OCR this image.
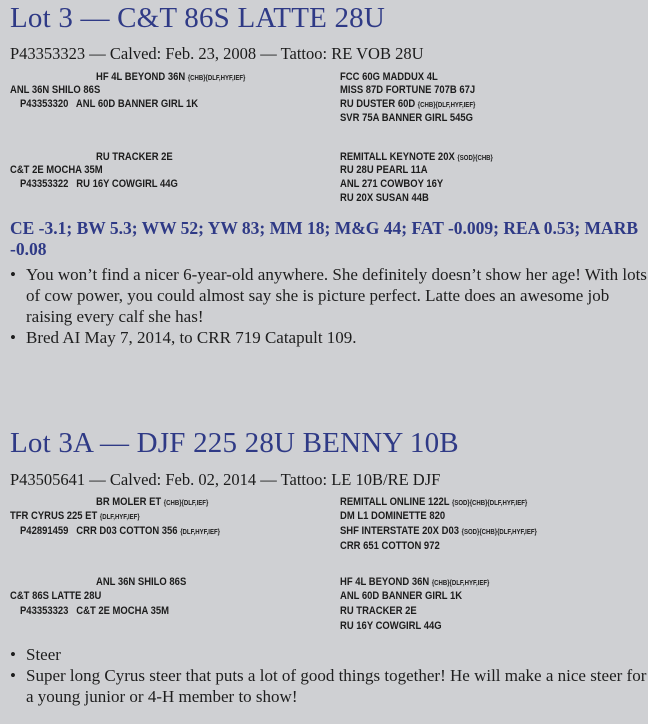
Lot 3 — C&T 86S LATTE 28U
P43353323 — Calved: Feb. 23, 2008 — Tattoo: RE VOB 28U
HF 4L BEYOND 36N {CHB}{DLF,HYF,IEF}
ANL 36N SHILO 86S
P43353320   ANL 60D BANNER GIRL 1K
FCC 60G MADDUX 4L
MISS 87D FORTUNE 707B 67J
RU DUSTER 60D {CHB}{DLF,HYF,IEF}
SVR 75A BANNER GIRL 545G
RU TRACKER 2E
C&T 2E MOCHA 35M
P43353322   RU 16Y COWGIRL 44G
REMITALL KEYNOTE 20X {SOD}{CHB}
RU 28U PEARL 11A
ANL 271 COWBOY 16Y
RU 20X SUSAN 44B
CE -3.1; BW 5.3; WW 52; YW 83; MM 18; M&G 44; FAT -0.009; REA 0.53; MARB -0.08
• You won’t find a nicer 6-year-old anywhere. She definitely doesn’t show her age! With lots of cow power, you could almost say she is picture perfect. Latte does an awesome job raising every calf she has!
• Bred AI May 7, 2014, to CRR 719 Catapult 109.
Lot 3A — DJF 225 28U BENNY 10B
P43505641 — Calved: Feb. 02, 2014 — Tattoo: LE 10B/RE DJF
BR MOLER ET {CHB}{DLF,IEF}
TFR CYRUS 225 ET {DLF,HYF,IEF}
P42891459   CRR D03 COTTON 356 {DLF,HYF,IEF}
REMITALL ONLINE 122L {SOD}{CHB}{DLF,HYF,IEF}
DM L1 DOMINETTE 820
SHF INTERSTATE 20X D03 {SOD}{CHB}{DLF,HYF,IEF}
CRR 651 COTTON 972
ANL 36N SHILO 86S
C&T 86S LATTE 28U
P43353323   C&T 2E MOCHA 35M
HF 4L BEYOND 36N {CHB}{DLF,HYF,IEF}
ANL 60D BANNER GIRL 1K
RU TRACKER 2E
RU 16Y COWGIRL 44G
• Steer
• Super long Cyrus steer that puts a lot of good things together! He will make a nice steer for a young junior or 4-H member to show!
